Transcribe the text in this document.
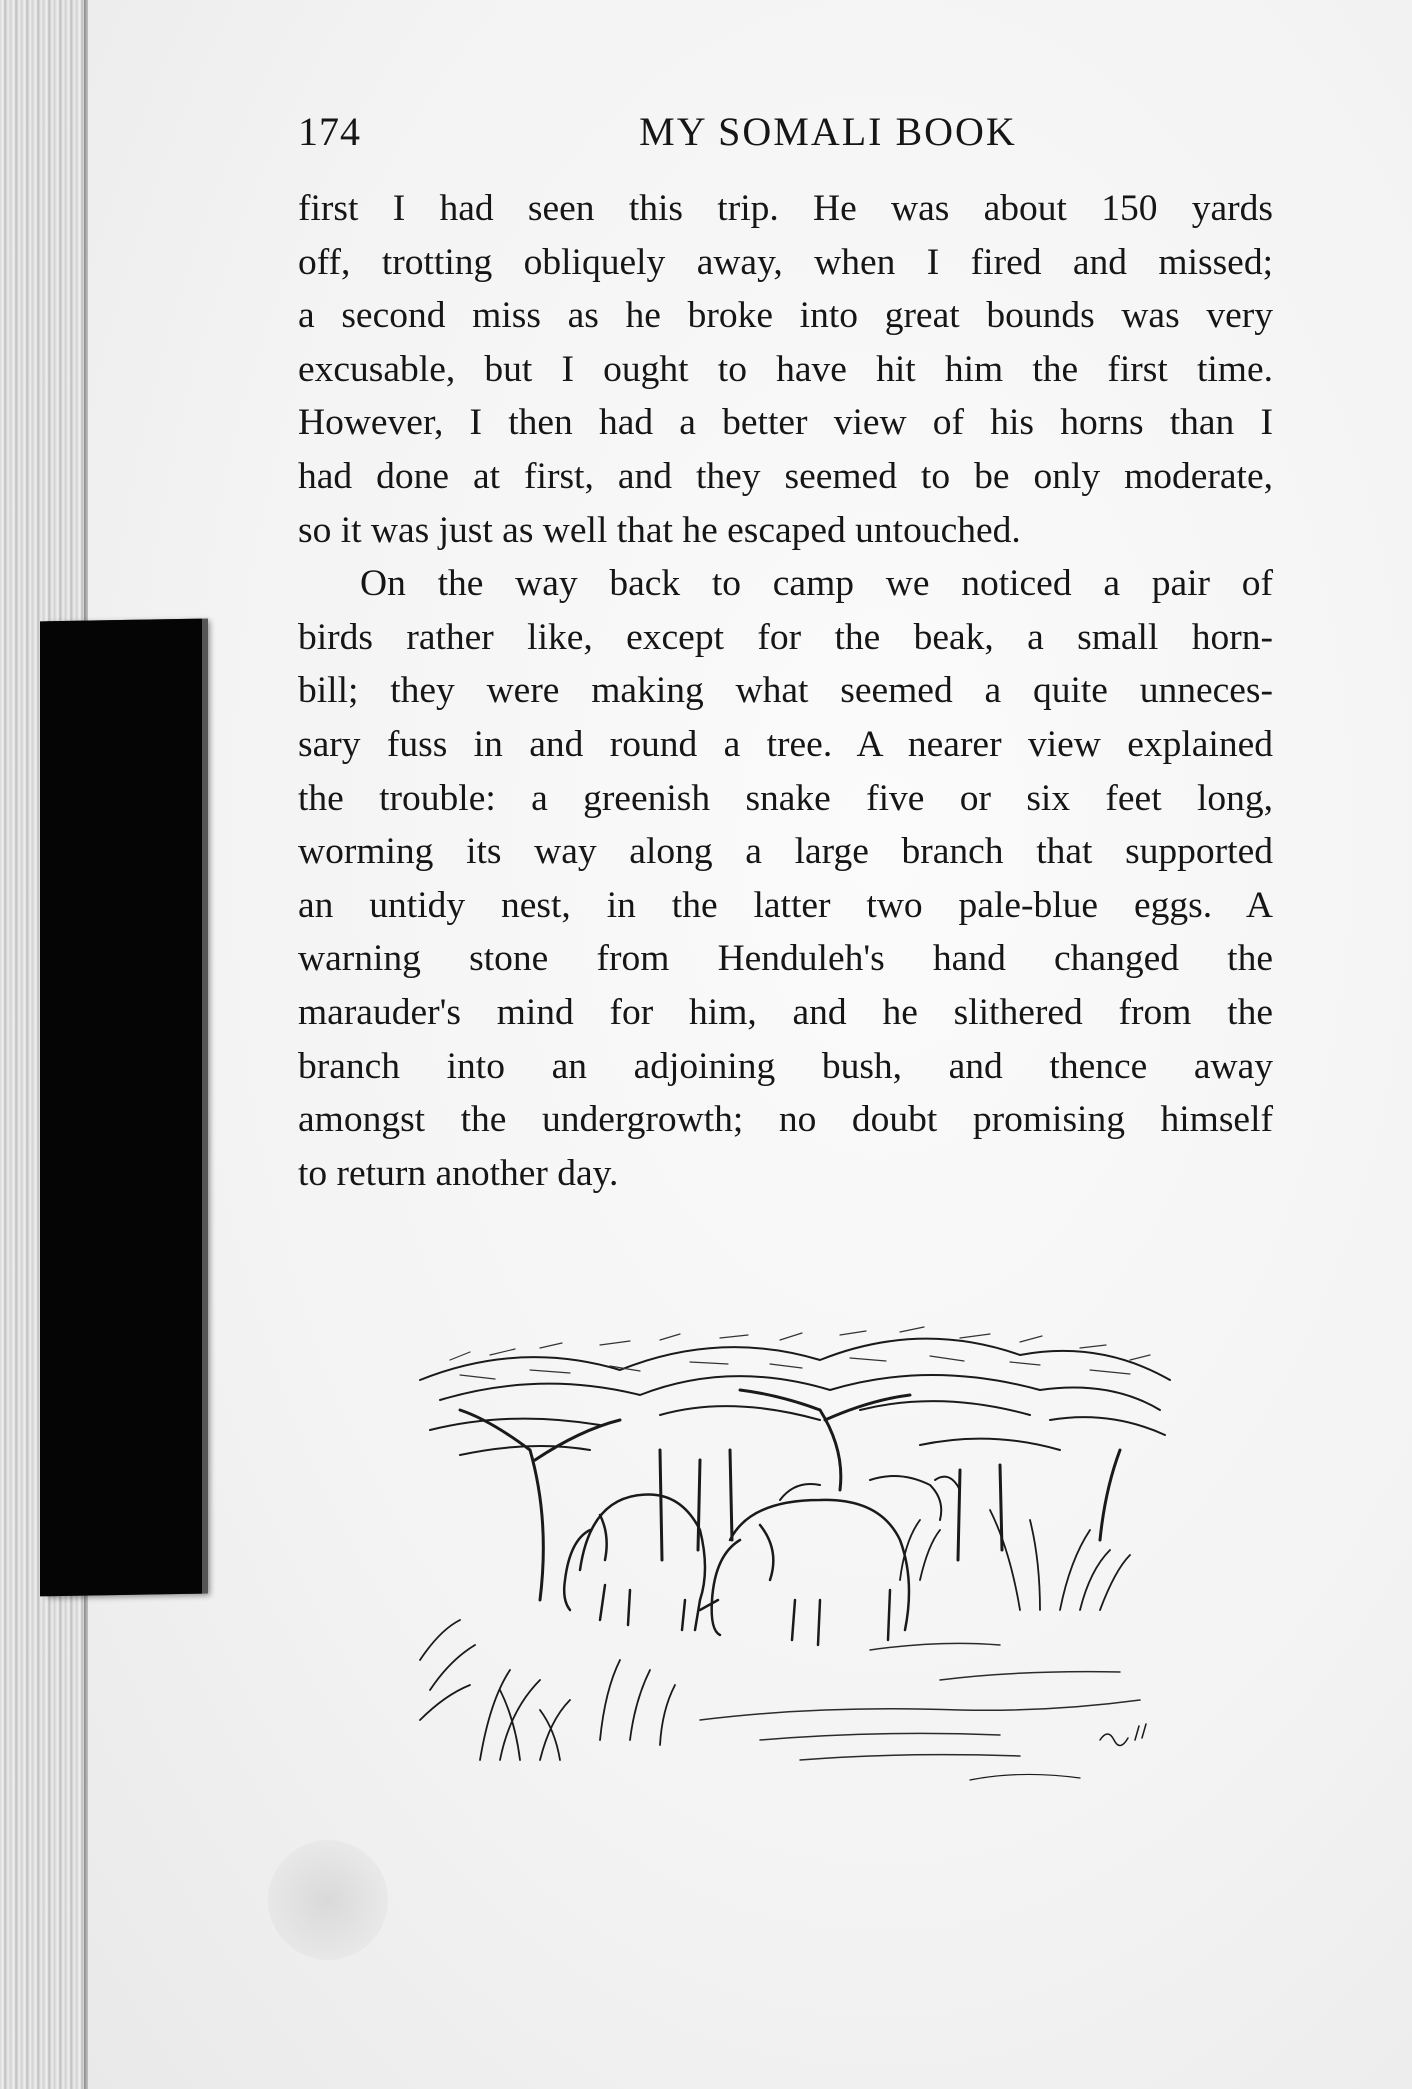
174	MY SOMALI BOOK
first I had seen this trip. He was about 150 yards
off, trotting obliquely away, when I fired and missed;
a second miss as he broke into great bounds was very
excusable, but I ought to have hit him the first time.
However, I then had a better view of his horns than I
had done at first, and they seemed to be only moderate,
so it was just as well that he escaped untouched.
On the way back to camp we noticed a pair of
birds rather like, except for the beak, a small horn-
bill; they were making what seemed a quite unneces-
sary fuss in and round a tree. A nearer view explained
the trouble: a greenish snake five or six feet long,
worming its way along a large branch that supported
an untidy nest, in the latter two pale-blue eggs. A
warning stone from Henduleh's hand changed the
marauder's mind for him, and he slithered from the
branch into an adjoining bush, and thence away
amongst the undergrowth; no doubt promising himself
to return another day.
